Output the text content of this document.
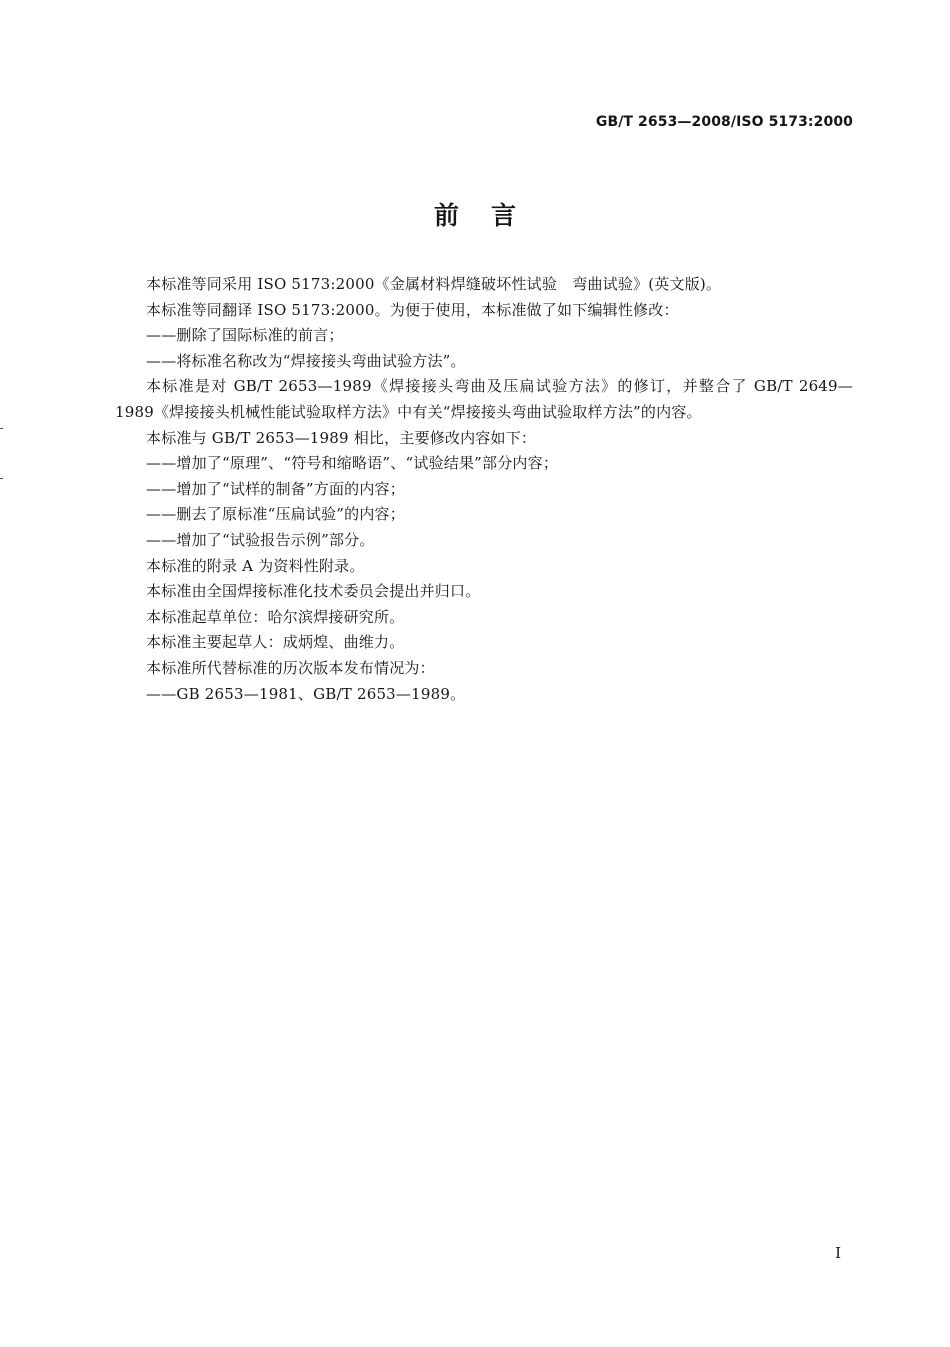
GB/T 2653—2008/ISO 5173:2000
前言

本标准等同采用 ISO 5173:2000《金属材料焊缝破坏性试验　弯曲试验》(英文版)。

本标准等同翻译 ISO 5173:2000。为便于使用，本标准做了如下编辑性修改：

——删除了国际标准的前言；

——将标准名称改为“焊接接头弯曲试验方法”。

本标准是对 GB/T 2653—1989《焊接接头弯曲及压扁试验方法》的修订，并整合了 GB/T 2649—1989《焊接接头机械性能试验取样方法》中有关“焊接接头弯曲试验取样方法”的内容。

本标准与 GB/T 2653—1989 相比，主要修改内容如下：

——增加了“原理”、“符号和缩略语”、“试验结果”部分内容；

——增加了“试样的制备”方面的内容；

——删去了原标准“压扁试验”的内容；

——增加了“试验报告示例”部分。

本标准的附录 A 为资料性附录。

本标准由全国焊接标准化技术委员会提出并归口。

本标准起草单位：哈尔滨焊接研究所。

本标准主要起草人：成炳煌、曲维力。

本标准所代替标准的历次版本发布情况为：

——GB 2653—1981、GB/T 2653—1989。

I
